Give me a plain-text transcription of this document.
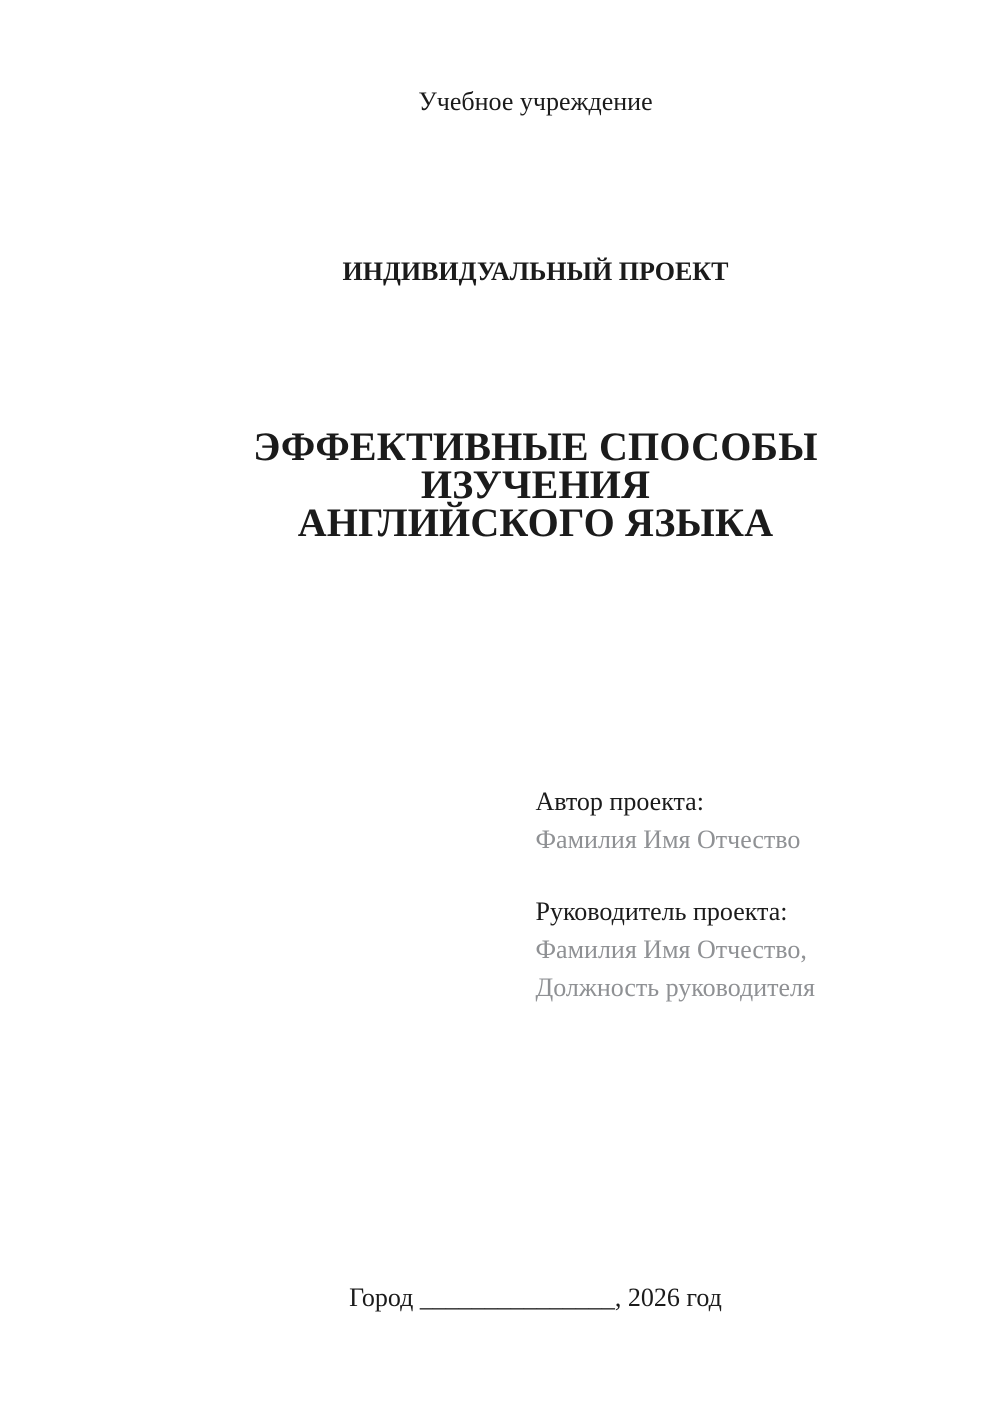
Учебное учреждение
ИНДИВИДУАЛЬНЫЙ ПРОЕКТ
ЭФФЕКТИВНЫЕ СПОСОБЫ ИЗУЧЕНИЯ
АНГЛИЙСКОГО ЯЗЫКА
Автор проекта:
Фамилия Имя Отчество
Руководитель проекта:
Фамилия Имя Отчество,
Должность руководителя
Город _______________, 2026 год
